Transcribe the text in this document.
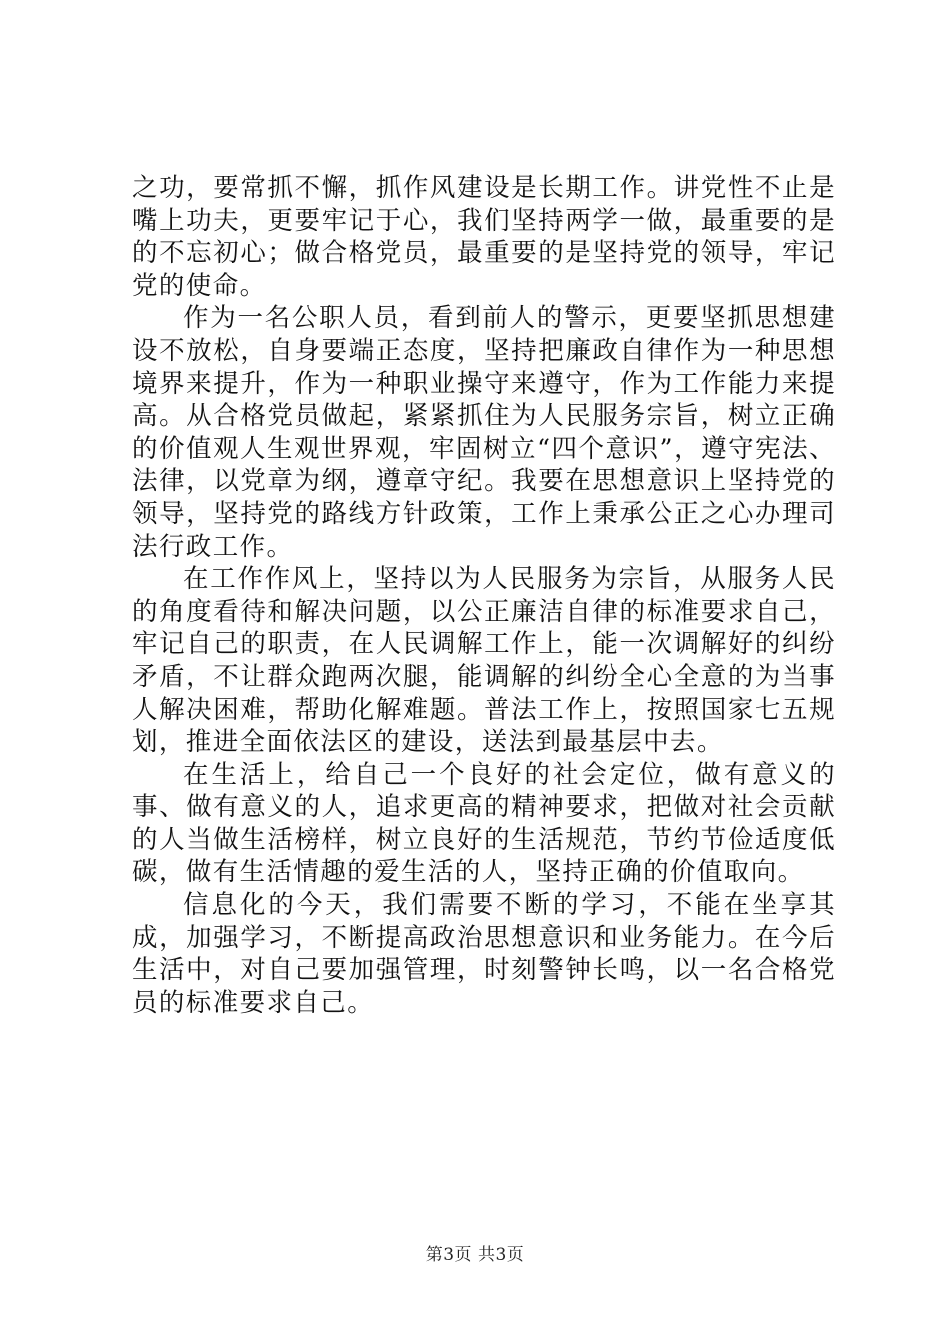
之功，要常抓不懈，抓作风建设是长期工作。讲党性不止是嘴上功夫，更要牢记于心，我们坚持两学一做，最重要的是的不忘初心；做合格党员，最重要的是坚持党的领导，牢记党的使命。

作为一名公职人员，看到前人的警示，更要坚抓思想建设不放松，自身要端正态度，坚持把廉政自律作为一种思想境界来提升，作为一种职业操守来遵守，作为工作能力来提高。从合格党员做起，紧紧抓住为人民服务宗旨，树立正确的价值观人生观世界观，牢固树立“四个意识”，遵守宪法、法律，以党章为纲，遵章守纪。我要在思想意识上坚持党的领导，坚持党的路线方针政策，工作上秉承公正之心办理司法行政工作。

在工作作风上，坚持以为人民服务为宗旨，从服务人民的角度看待和解决问题，以公正廉洁自律的标准要求自己，牢记自己的职责，在人民调解工作上，能一次调解好的纠纷矛盾，不让群众跑两次腿，能调解的纠纷全心全意的为当事人解决困难，帮助化解难题。普法工作上，按照国家七五规划，推进全面依法区的建设，送法到最基层中去。

在生活上，给自己一个良好的社会定位，做有意义的事、做有意义的人，追求更高的精神要求，把做对社会贡献的人当做生活榜样，树立良好的生活规范，节约节俭适度低碳，做有生活情趣的爱生活的人，坚持正确的价值取向。

信息化的今天，我们需要不断的学习，不能在坐享其成，加强学习，不断提高政治思想意识和业务能力。在今后生活中，对自己要加强管理，时刻警钟长鸣，以一名合格党员的标准要求自己。

第3页 共3页
